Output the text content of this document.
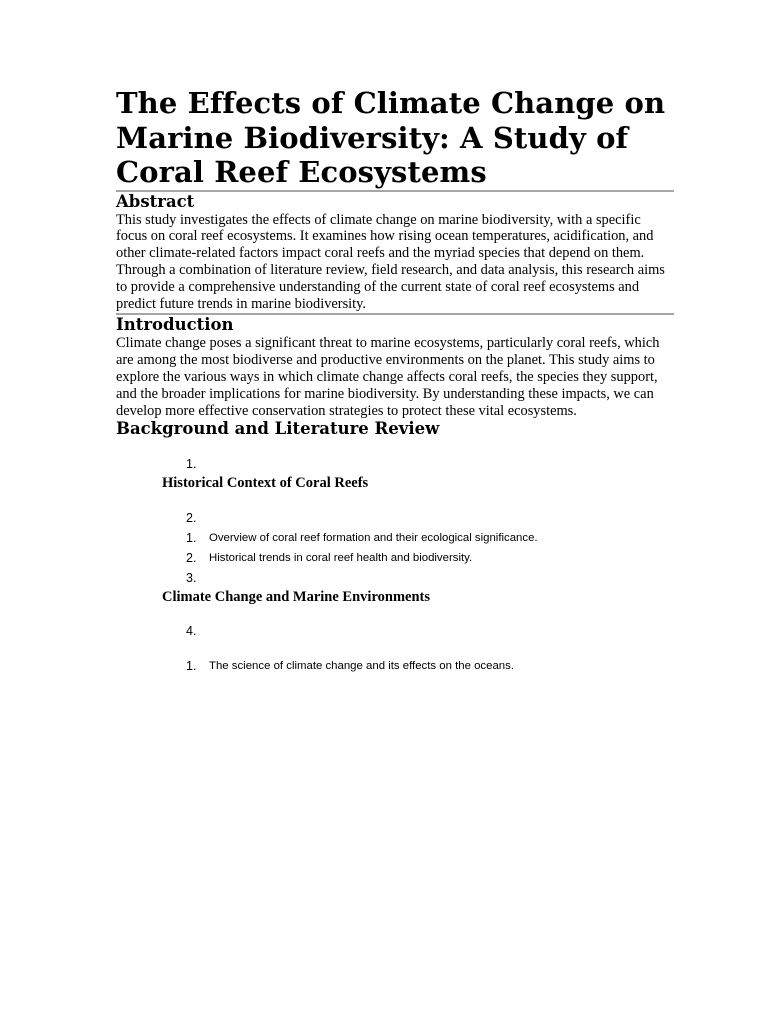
The Effects of Climate Change on Marine Biodiversity: A Study of Coral Reef Ecosystems
Abstract

This study investigates the effects of climate change on marine biodiversity, with a specific focus on coral reef ecosystems. It examines how rising ocean temperatures, acidification, and other climate-related factors impact coral reefs and the myriad species that depend on them. Through a combination of literature review, field research, and data analysis, this research aims to provide a comprehensive understanding of the current state of coral reef ecosystems and predict future trends in marine biodiversity.

Introduction

Climate change poses a significant threat to marine ecosystems, particularly coral reefs, which are among the most biodiverse and productive environments on the planet. This study aims to explore the various ways in which climate change affects coral reefs, the species they support, and the broader implications for marine biodiversity. By understanding these impacts, we can develop more effective conservation strategies to protect these vital ecosystems.

Background and Literature Review
1.
Historical Context of Coral Reefs
2.
1. Overview of coral reef formation and their ecological significance.
2. Historical trends in coral reef health and biodiversity.
3.
Climate Change and Marine Environments
4.
1. The science of climate change and its effects on the oceans.
